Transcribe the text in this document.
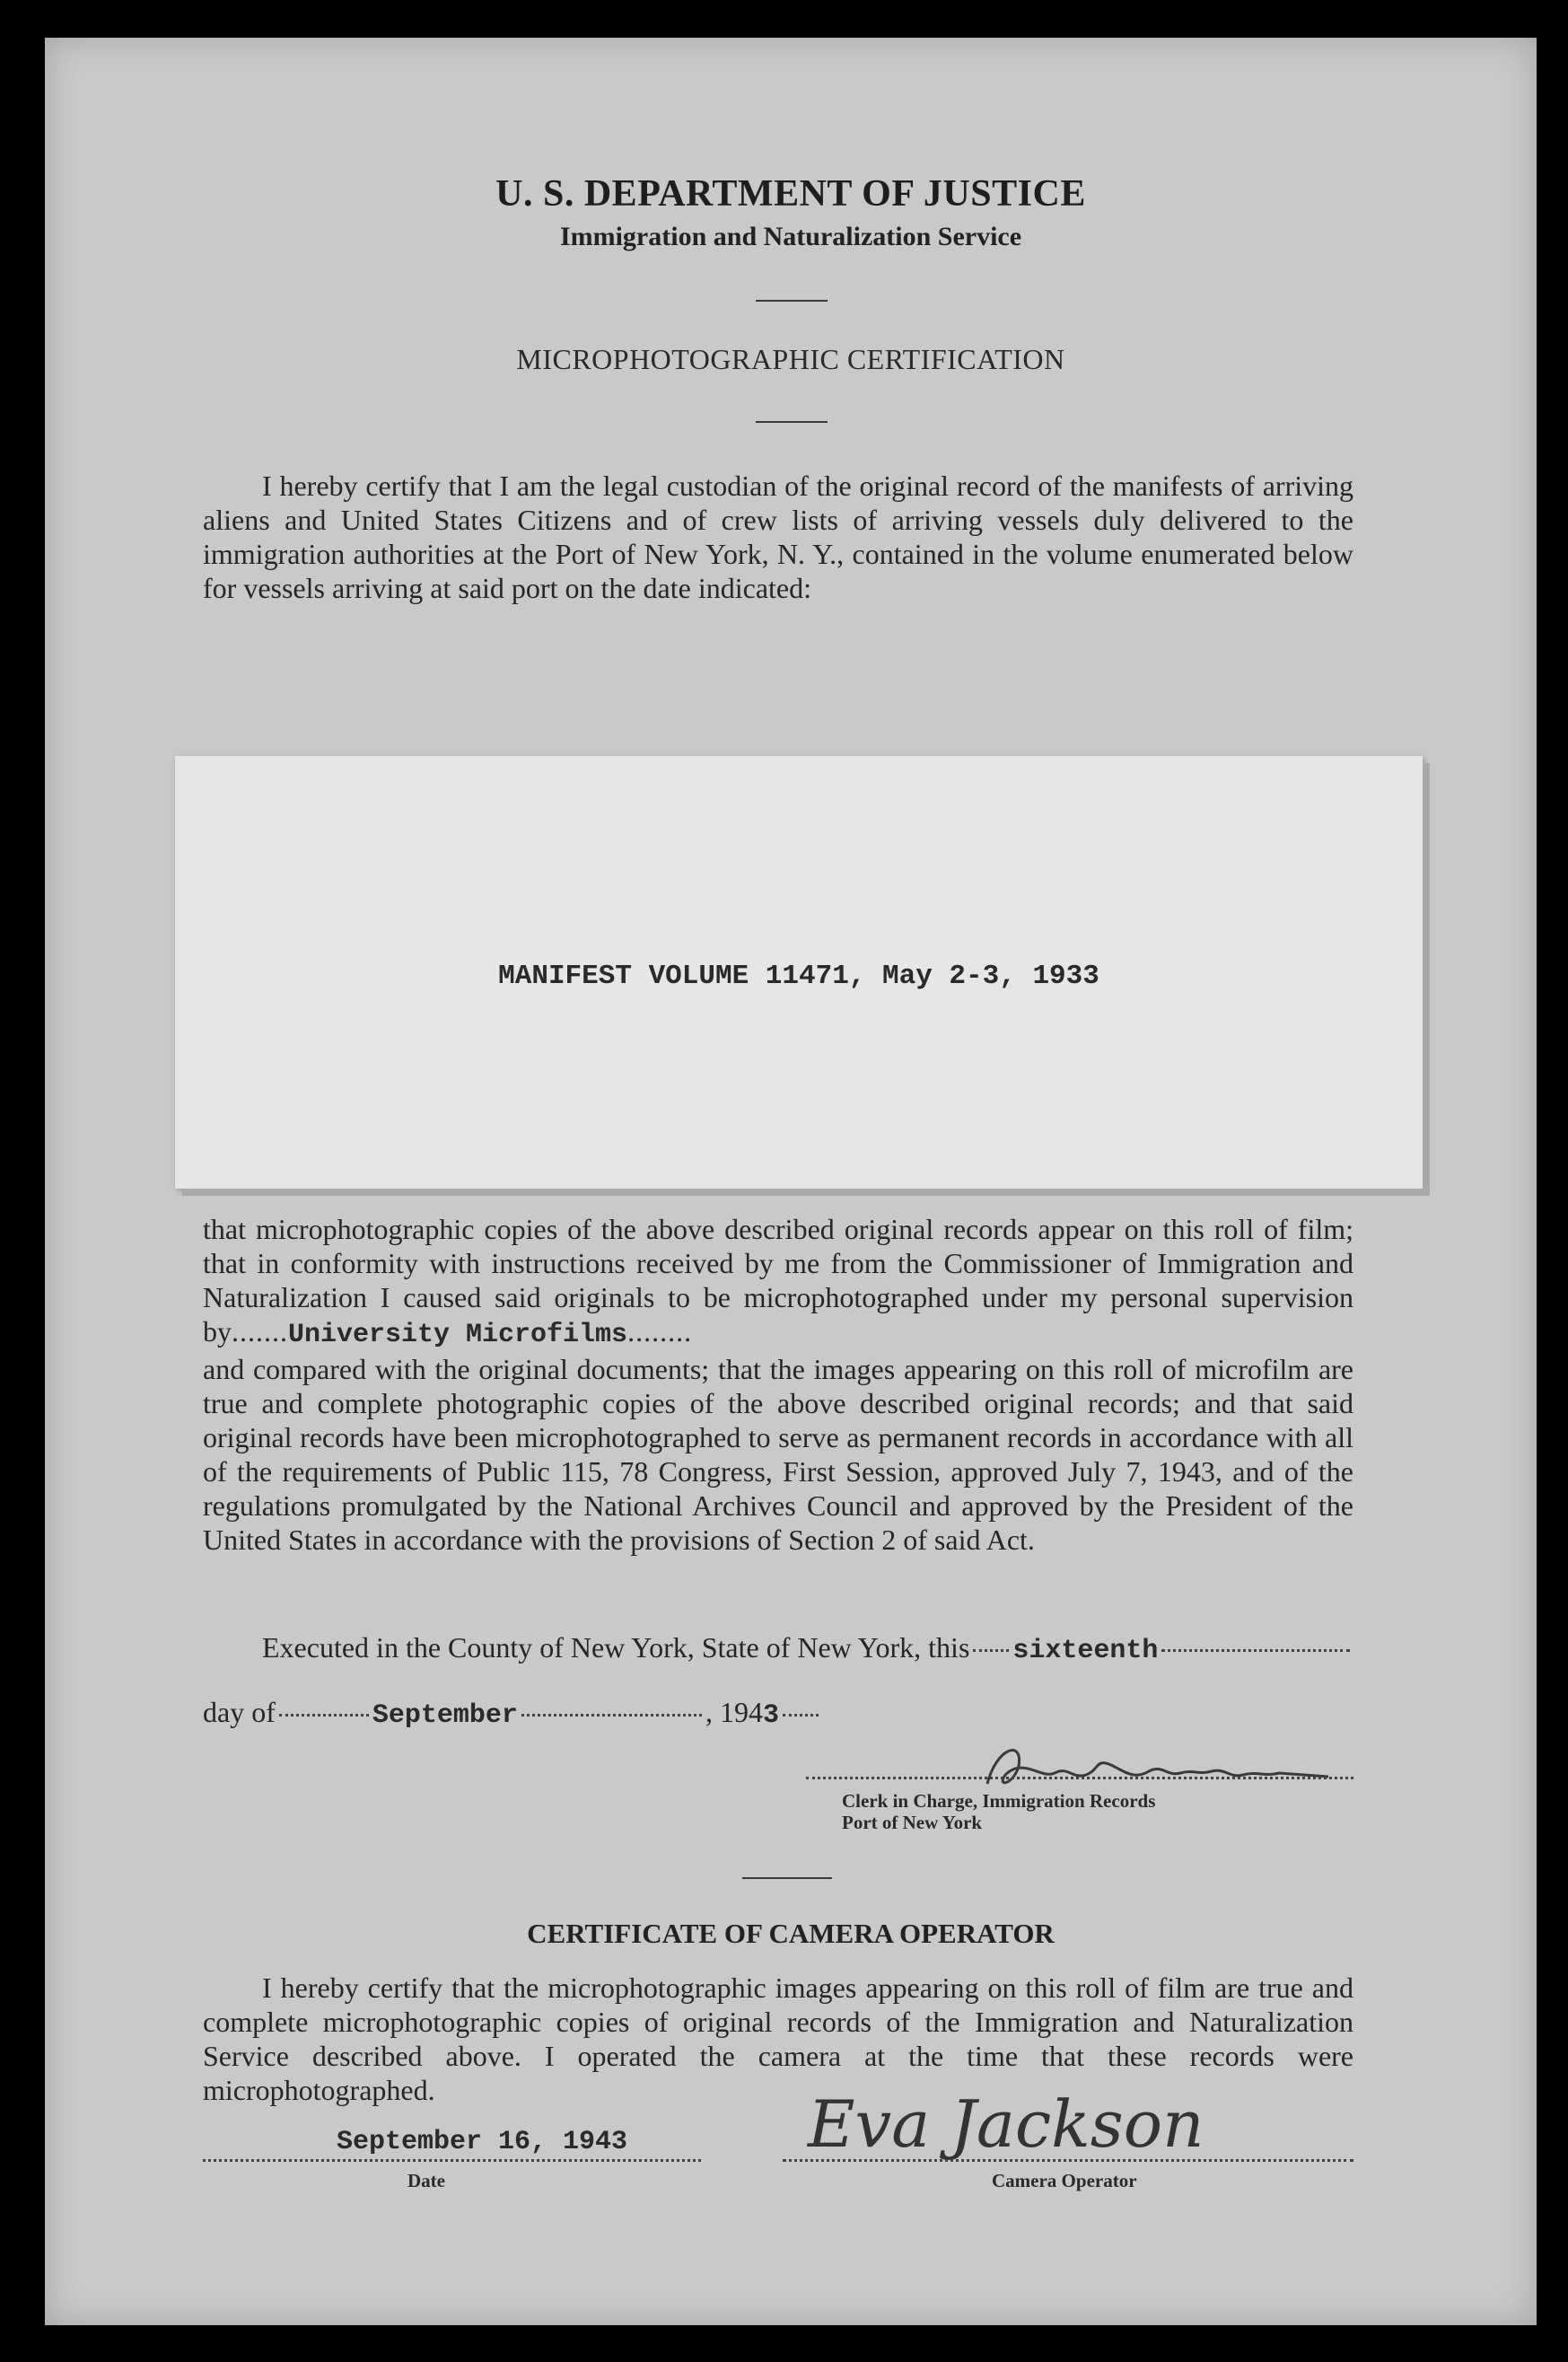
U. S. DEPARTMENT OF JUSTICE
Immigration and Naturalization Service
MICROPHOTOGRAPHIC CERTIFICATION

I hereby certify that I am the legal custodian of the original record of the manifests of arriving aliens and United States Citizens and of crew lists of arriving vessels duly delivered to the immigration authorities at the Port of New York, N. Y., contained in the volume enumerated below for vessels arriving at said port on the date indicated:

MANIFEST VOLUME 11471, May 2-3, 1933

that microphotographic copies of the above described original records appear on this roll of film; that in conformity with instructions received by me from the Commissioner of Immigration and Naturalization I caused said originals to be microphotographed under my personal supervision by.......University Microfilms........

and compared with the original documents; that the images appearing on this roll of microfilm are true and complete photographic copies of the above described original records; and that said original records have been microphotographed to serve as permanent records in accordance with all of the requirements of Public 115, 78 Congress, First Session, approved July 7, 1943, and of the regulations promulgated by the National Archives Council and approved by the President of the United States in accordance with the provisions of Section 2 of said Act.

Executed in the County of New York, State of New York, this sixteenth
day of	September	, 194 3
Clerk in Charge, Immigration Records
Port of New York
CERTIFICATE OF CAMERA OPERATOR

I hereby certify that the microphotographic images appearing on this roll of film are true and complete microphotographic copies of original records of the Immigration and Naturalization Service described above. I operated the camera at the time that these records were microphotographed.

September 16, 1943
Date
Eva Jackson
Camera Operator
